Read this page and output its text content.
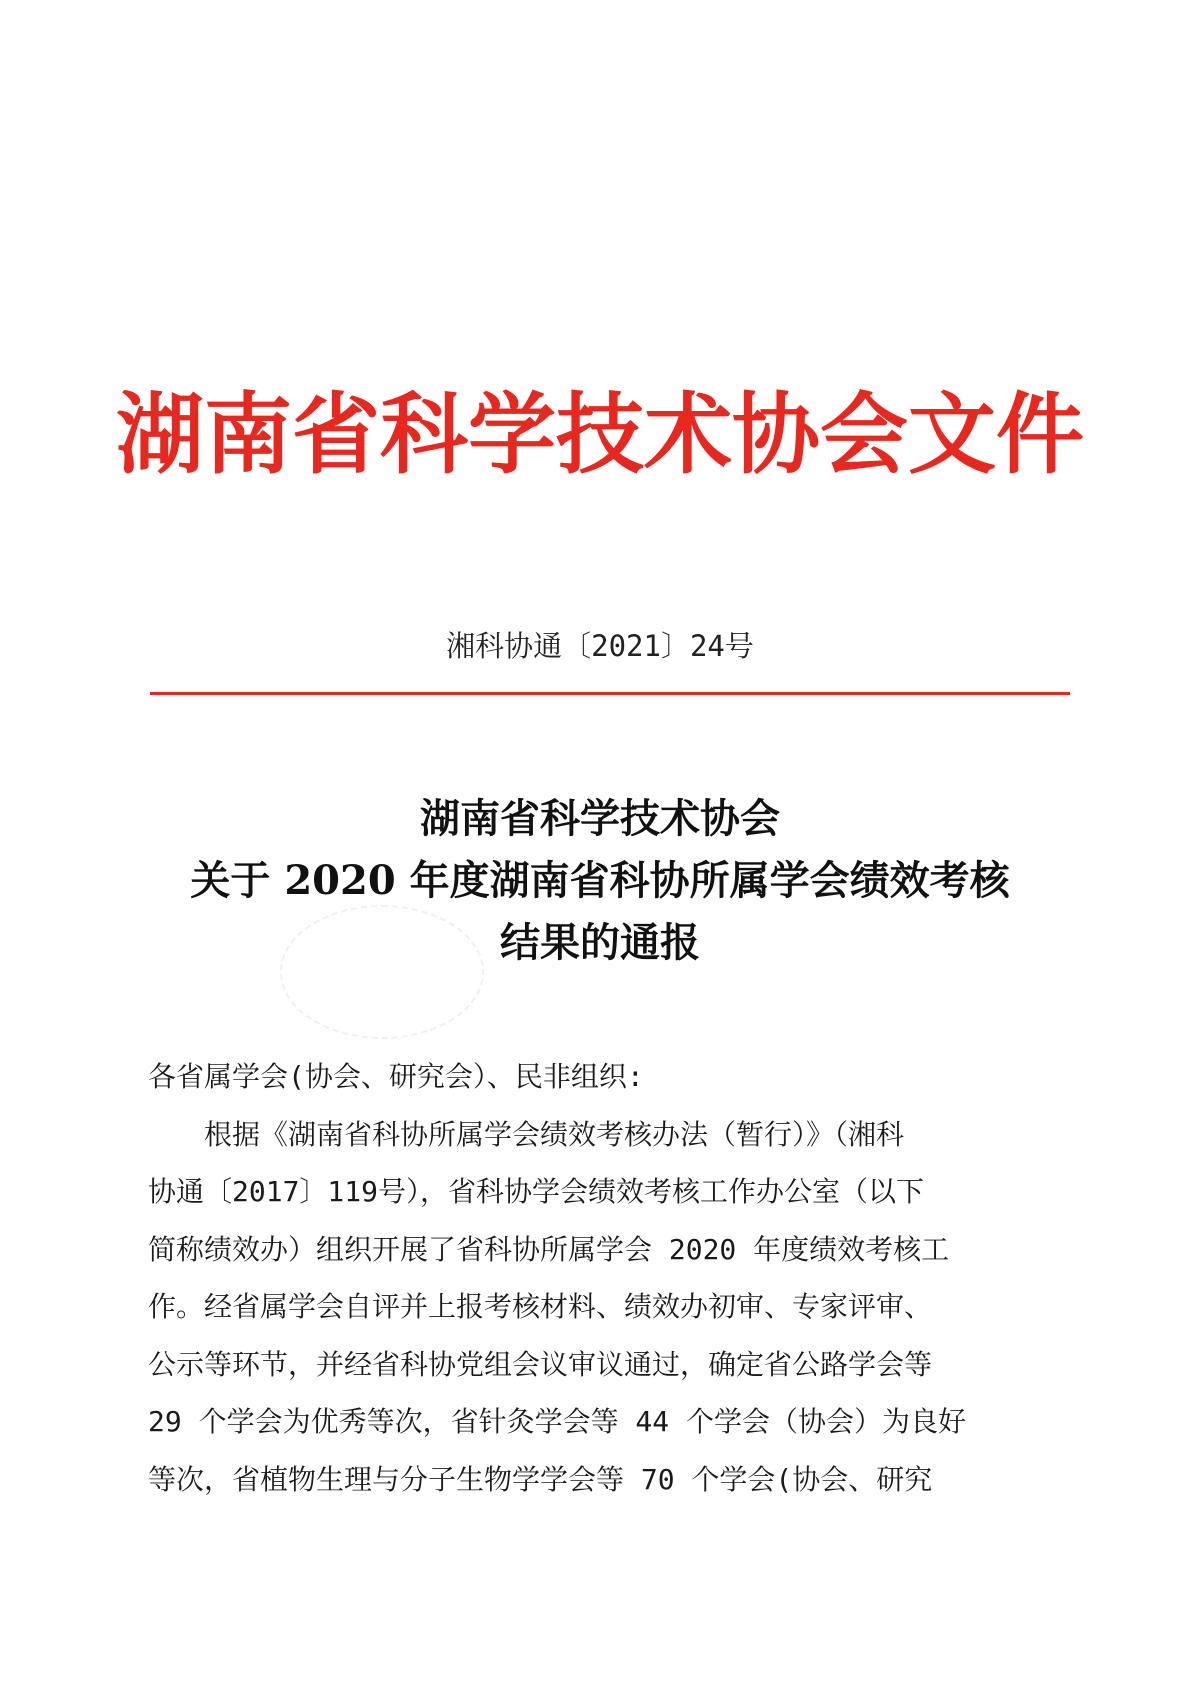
湖南省科学技术协会文件
湘科协通〔2021〕24号
湖南省科学技术协会
关于 2020 年度湖南省科协所属学会绩效考核
结果的通报
各省属学会(协会、研究会）、民非组织:
根据《湖南省科协所属学会绩效考核办法（暂行）》（湘科
协通〔2017〕119号），省科协学会绩效考核工作办公室（以下
简称绩效办）组织开展了省科协所属学会 2020 年度绩效考核工
作。经省属学会自评并上报考核材料、绩效办初审、专家评审、
公示等环节，并经省科协党组会议审议通过，确定省公路学会等
29 个学会为优秀等次，省针灸学会等 44 个学会（协会）为良好
等次，省植物生理与分子生物学学会等 70 个学会(协会、研究
